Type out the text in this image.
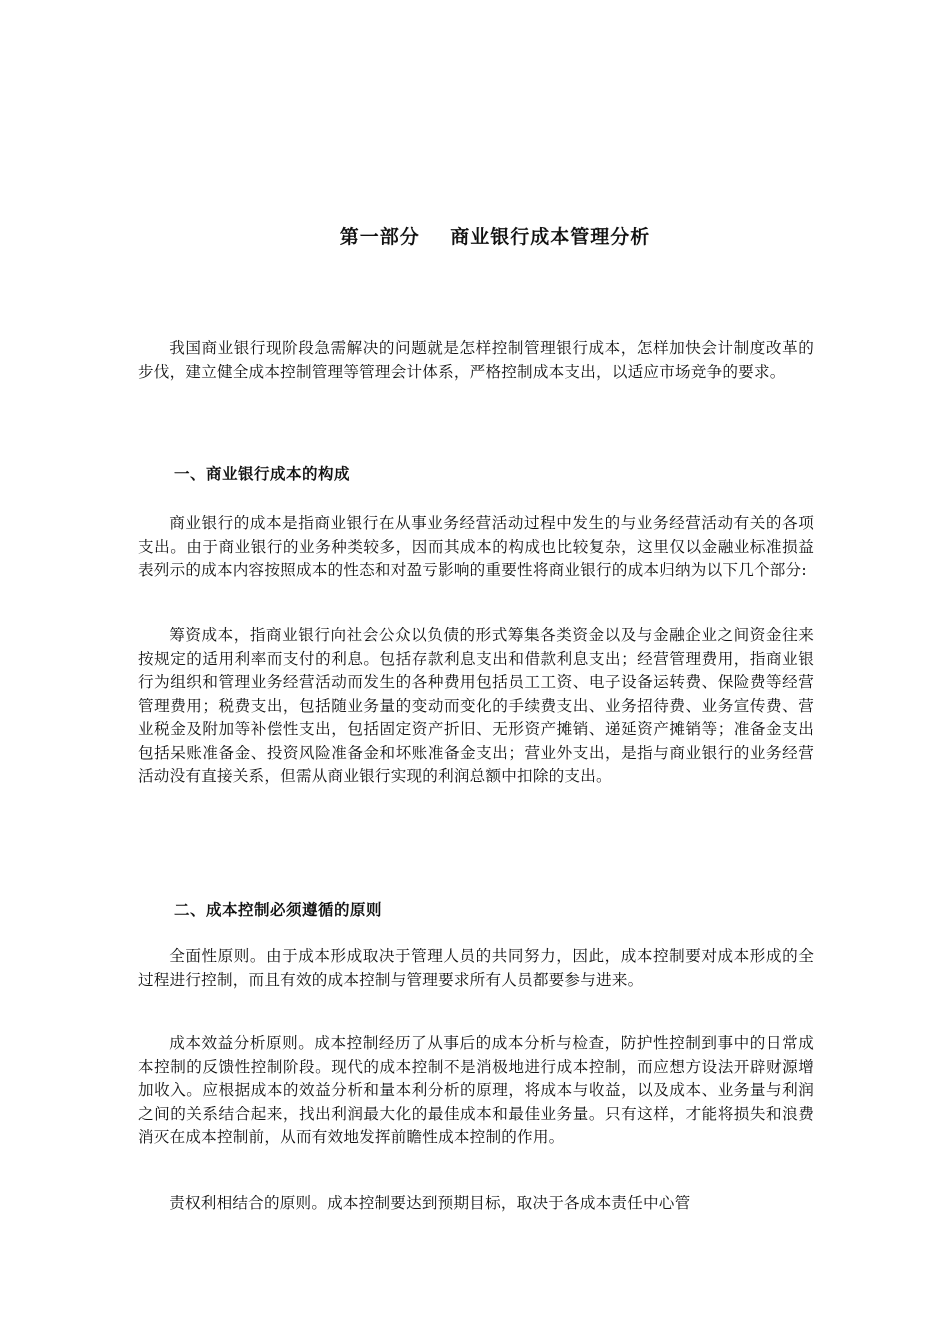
第一部分    商业银行成本管理分析

我国商业银行现阶段急需解决的问题就是怎样控制管理银行成本，怎样加快会计制度改革的步伐，建立健全成本控制管理等管理会计体系，严格控制成本支出，以适应市场竞争的要求。

一、商业银行成本的构成

商业银行的成本是指商业银行在从事业务经营活动过程中发生的与业务经营活动有关的各项支出。由于商业银行的业务种类较多，因而其成本的构成也比较复杂，这里仅以金融业标准损益表列示的成本内容按照成本的性态和对盈亏影响的重要性将商业银行的成本归纳为以下几个部分:

筹资成本，指商业银行向社会公众以负债的形式筹集各类资金以及与金融企业之间资金往来按规定的适用利率而支付的利息。包括存款利息支出和借款利息支出；经营管理费用，指商业银行为组织和管理业务经营活动而发生的各种费用包括员工工资、电子设备运转费、保险费等经营管理费用；税费支出，包括随业务量的变动而变化的手续费支出、业务招待费、业务宣传费、营业税金及附加等补偿性支出，包括固定资产折旧、无形资产摊销、递延资产摊销等；准备金支出包括呆账准备金、投资风险准备金和坏账准备金支出；营业外支出，是指与商业银行的业务经营活动没有直接关系，但需从商业银行实现的利润总额中扣除的支出。

二、成本控制必须遵循的原则

全面性原则。由于成本形成取决于管理人员的共同努力，因此，成本控制要对成本形成的全过程进行控制，而且有效的成本控制与管理要求所有人员都要参与进来。

成本效益分析原则。成本控制经历了从事后的成本分析与检查，防护性控制到事中的日常成本控制的反馈性控制阶段。现代的成本控制不是消极地进行成本控制，而应想方设法开辟财源增加收入。应根据成本的效益分析和量本利分析的原理，将成本与收益，以及成本、业务量与利润之间的关系结合起来，找出利润最大化的最佳成本和最佳业务量。只有这样，才能将损失和浪费消灭在成本控制前，从而有效地发挥前瞻性成本控制的作用。

责权利相结合的原则。成本控制要达到预期目标，取决于各成本责任中心管
